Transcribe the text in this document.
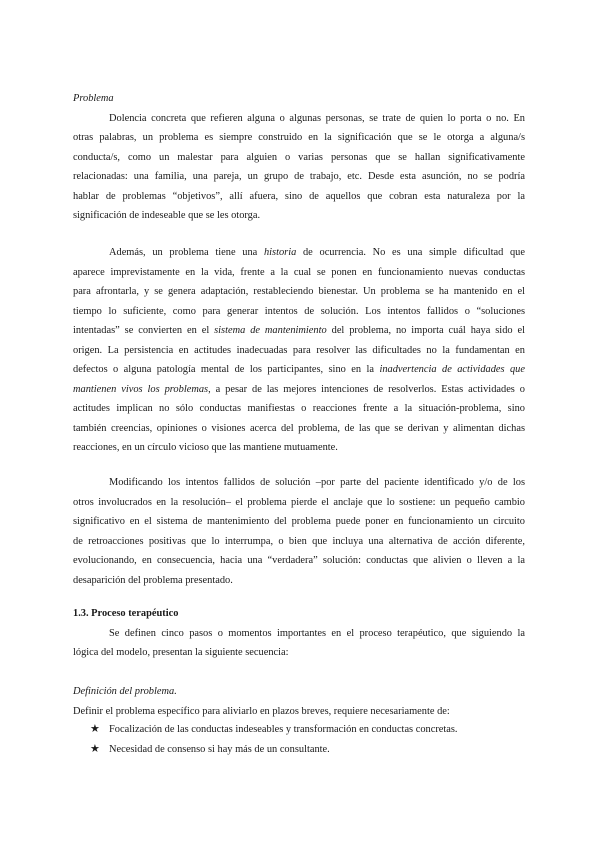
Problema
Dolencia concreta que refieren alguna o algunas personas, se trate de quien lo porta o no. En
otras palabras, un problema es siempre construido en la significación que se le otorga a alguna/s
conducta/s, como un malestar para alguien o varias personas que se hallan significativamente
relacionadas: una familia, una pareja, un grupo de trabajo, etc. Desde esta asunción, no se podría
hablar de problemas “objetivos”, allí afuera, sino de aquellos que cobran esta naturaleza por la
significación de indeseable que se les otorga.
Además, un problema tiene una historia de ocurrencia. No es una simple dificultad que
aparece imprevistamente en la vida, frente a la cual se ponen en funcionamiento nuevas conductas
para afrontarla, y se genera adaptación, restableciendo bienestar. Un problema se ha mantenido en el
tiempo lo suficiente, como para generar intentos de solución. Los intentos fallidos o “soluciones
intentadas” se convierten en el sistema de mantenimiento del problema, no importa cuál haya sido el
origen. La persistencia en actitudes inadecuadas para resolver las dificultades no la fundamentan en
defectos o alguna patología mental de los participantes, sino en la inadvertencia de actividades que
mantienen vivos los problemas, a pesar de las mejores intenciones de resolverlos. Estas actividades o
actitudes implican no sólo conductas manifiestas o reacciones frente a la situación-problema, sino
también creencias, opiniones o visiones acerca del problema, de las que se derivan y alimentan dichas
reacciones, en un círculo vicioso que las mantiene mutuamente.
Modificando los intentos fallidos de solución –por parte del paciente identificado y/o de los
otros involucrados en la resolución– el problema pierde el anclaje que lo sostiene: un pequeño cambio
significativo en el sistema de mantenimiento del problema puede poner en funcionamiento un circuito
de retroacciones positivas que lo interrumpa, o bien que incluya una alternativa de acción diferente,
evolucionando, en consecuencia, hacia una “verdadera” solución: conductas que alivien o lleven a la
desaparición del problema presentado.
1.3. Proceso terapéutico
Se definen cinco pasos o momentos importantes en el proceso terapéutico, que siguiendo la
lógica del modelo, presentan la siguiente secuencia:
Definición del problema.
Definir el problema específico para aliviarlo en plazos breves, requiere necesariamente de:
★ Focalización de las conductas indeseables y transformación en conductas concretas.
★ Necesidad de consenso si hay más de un consultante.
